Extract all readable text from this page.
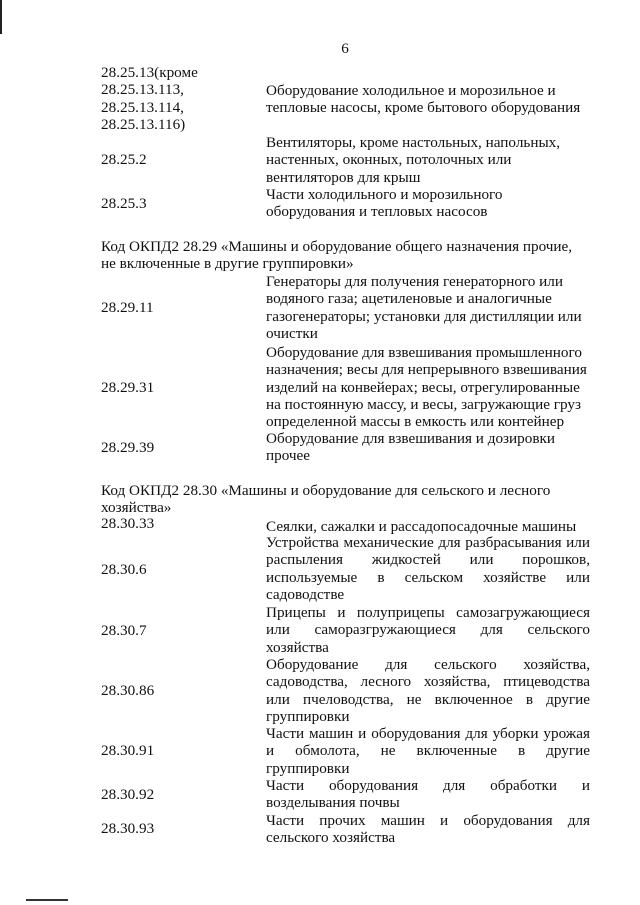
6
28.25.13(кроме
28.25.13.113,
28.25.13.114,
28.25.13.116)
Оборудование холодильное и морозильное и
тепловые насосы, кроме бытового оборудования
28.25.2
Вентиляторы, кроме настольных, напольных,
настенных, оконных, потолочных или
вентиляторов для крыш
28.25.3
Части холодильного и морозильного
оборудования и тепловых насосов
Код ОКПД2 28.29 «Машины и оборудование общего назначения прочие,
не включенные в другие группировки»
28.29.11
Генераторы для получения генераторного или
водяного газа; ацетиленовые и аналогичные
газогенераторы; установки для дистилляции или
очистки
28.29.31
Оборудование для взвешивания промышленного
назначения; весы для непрерывного взвешивания
изделий на конвейерах; весы, отрегулированные
на постоянную массу, и весы, загружающие груз
определенной массы в емкость или контейнер
28.29.39
Оборудование для взвешивания и дозировки
прочее
Код ОКПД2 28.30 «Машины и оборудование для сельского и лесного
хозяйства»
28.30.33	Сеялки, сажалки и рассадопосадочные машины
28.30.6
Устройства механические для разбрасывания или
распыления жидкостей или порошков,
используемые в сельском хозяйстве или
садоводстве
28.30.7
Прицепы и полуприцепы самозагружающиеся
или саморазгружающиеся для сельского
хозяйства
28.30.86
Оборудование для сельского хозяйства,
садоводства, лесного хозяйства, птицеводства
или пчеловодства, не включенное в другие
группировки
28.30.91
Части машин и оборудования для уборки урожая
и обмолота, не включенные в другие
группировки
28.30.92
Части оборудования для обработки и
возделывания почвы
28.30.93	Части прочих машин и оборудования для
сельского хозяйства
